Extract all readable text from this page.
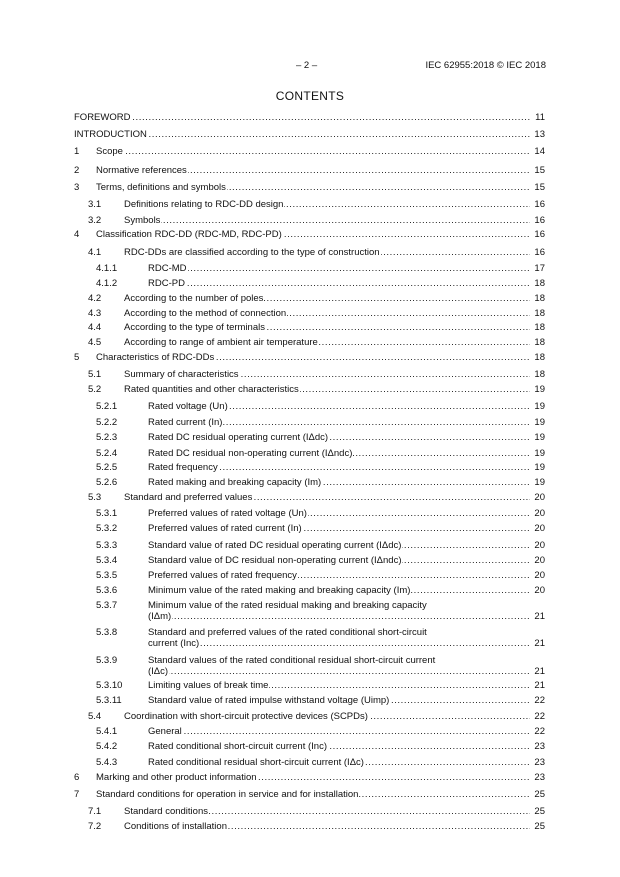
– 2 –	IEC 62955:2018 © IEC 2018
CONTENTS
FOREWORD .....	11
INTRODUCTION .....	13
1 Scope .....	14
2 Normative references .....	15
3 Terms, definitions and symbols .....	15
3.1 Definitions relating to RDC-DD design .....	16
3.2 Symbols .....	16
4 Classification RDC-DD (RDC-MD, RDC-PD) .....	16
4.1 RDC-DDs are classified according to the type of construction .....	16
4.1.1	RDC-MD .....	17
4.1.2	RDC-PD .....	18
4.2 According to the number of poles .....	18
4.3 According to the method of connection .....	18
4.4 According to the type of terminals .....	18
4.5 According to range of ambient air temperature .....	18
5 Characteristics of RDC-DDs .....	18
5.1 Summary of characteristics .....	18
5.2 Rated quantities and other characteristics .....	19
5.2.1	Rated voltage (Un) .....	19
5.2.2	Rated current (In) .....	19
5.2.3	Rated DC residual operating current (IΔdc) .....	19
5.2.4	Rated DC residual non-operating current (IΔndc) .....	19
5.2.5	Rated frequency .....	19
5.2.6	Rated making and breaking capacity (Im) .....	19
5.3 Standard and preferred values .....	20
5.3.1	Preferred values of rated voltage (Un) .....	20
5.3.2	Preferred values of rated current (In) .....	20
5.3.3	Standard value of rated DC residual operating current (IΔdc) .....	20
5.3.4	Standard value of DC residual non-operating current (IΔndc) .....	20
5.3.5	Preferred values of rated frequency .....	20
5.3.6	Minimum value of the rated making and breaking capacity (Im) .....	20
5.3.7	Minimum value of the rated residual making and breaking capacity
(IΔm) .....	21
5.3.8	Standard and preferred values of the rated conditional short-circuit
current (Inc) .....	21
5.3.9	Standard values of the rated conditional residual short-circuit current
(IΔc) .....	21
5.3.10	Limiting values of break time .....	21
5.3.11	Standard value of rated impulse withstand voltage (Uimp) .....	22
5.4 Coordination with short-circuit protective devices (SCPDs) .....	22
5.4.1	General .....	22
5.4.2	Rated conditional short-circuit current (Inc) .....	23
5.4.3	Rated conditional residual short-circuit current (IΔc) .....	23
6 Marking and other product information .....	23
7 Standard conditions for operation in service and for installation .....	25
7.1 Standard conditions .....	25
7.2 Conditions of installation .....	25
